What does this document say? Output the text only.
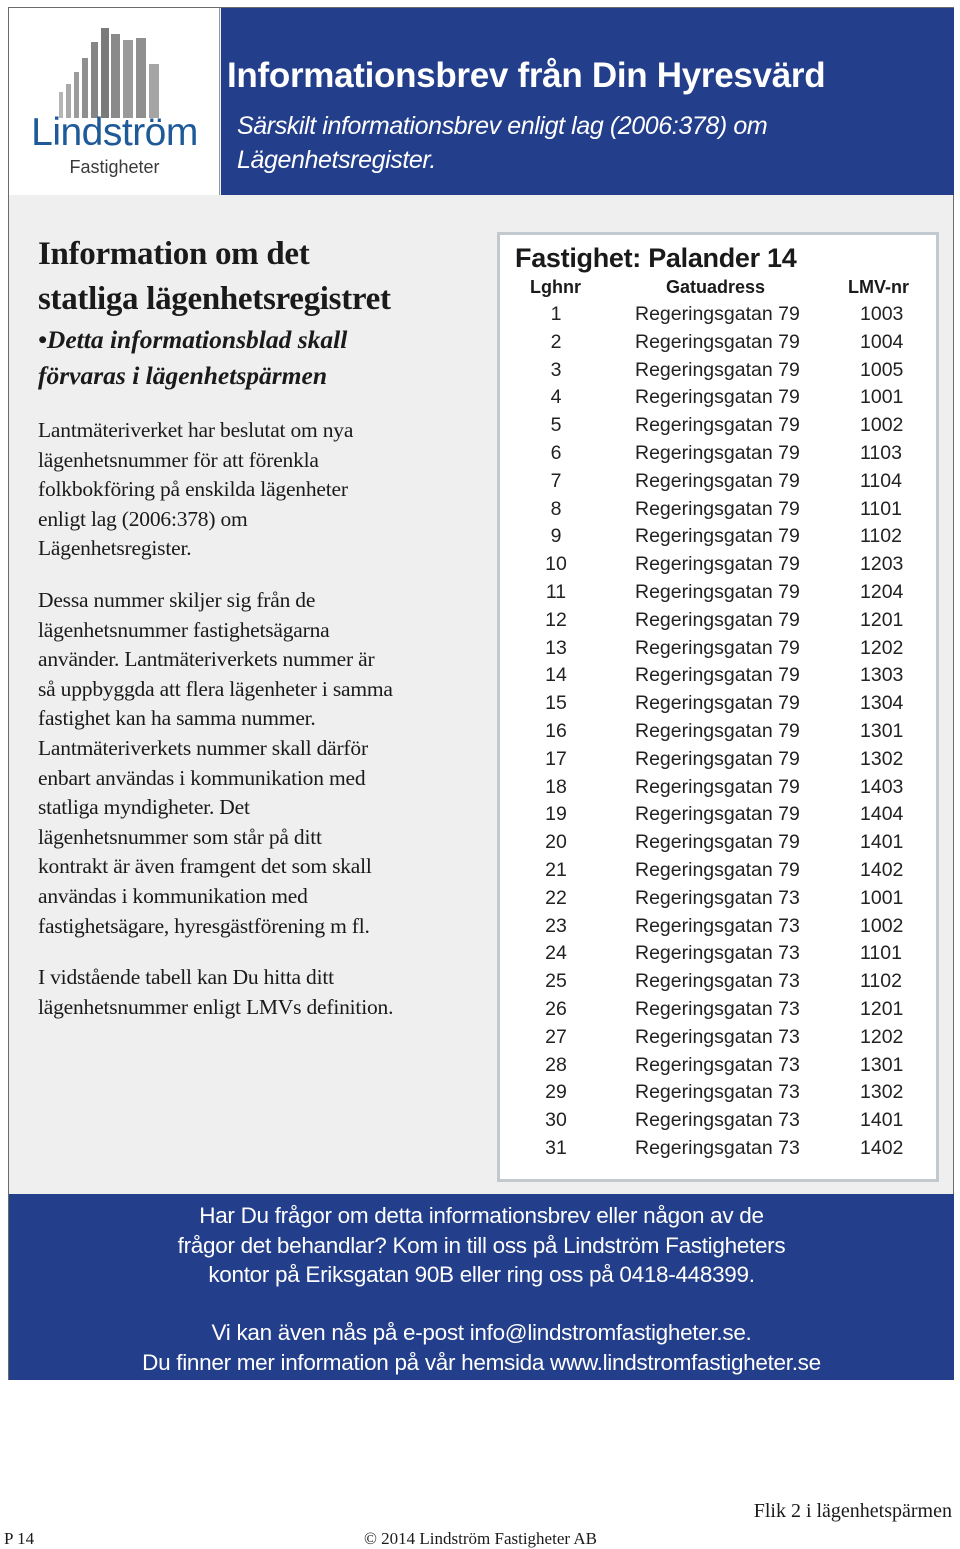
Lindström
Fastigheter
Informationsbrev från Din Hyresvärd
Särskilt informationsbrev enligt lag (2006:378) om
Lägenhetsregister.
Information om det
statliga lägenhetsregistret
•Detta informationsblad skall
förvaras i lägenhetspärmen
Lantmäteriverket har beslutat om nya
lägenhetsnummer för att förenkla
folkbokföring på enskilda lägenheter
enligt lag (2006:378) om
Lägenhetsregister.
Dessa nummer skiljer sig från de
lägenhetsnummer fastighetsägarna
använder. Lantmäteriverkets nummer är
så uppbyggda att flera lägenheter i samma
fastighet kan ha samma nummer.
Lantmäteriverkets nummer skall därför
enbart användas i kommunikation med
statliga myndigheter. Det
lägenhetsnummer som står på ditt
kontrakt är även framgent det som skall
användas i kommunikation med
fastighetsägare, hyresgästförening m fl.
I vidstående tabell kan Du hitta ditt
lägenhetsnummer enligt LMVs definition.
Fastighet: Palander 14
Lghnr	Gatuadress	LMV-nr
1	Regeringsgatan 79	1003
2	Regeringsgatan 79	1004
3	Regeringsgatan 79	1005
4	Regeringsgatan 79	1001
5	Regeringsgatan 79	1002
6	Regeringsgatan 79	1103
7	Regeringsgatan 79	1104
8	Regeringsgatan 79	1101
9	Regeringsgatan 79	1102
10	Regeringsgatan 79	1203
11	Regeringsgatan 79	1204
12	Regeringsgatan 79	1201
13	Regeringsgatan 79	1202
14	Regeringsgatan 79	1303
15	Regeringsgatan 79	1304
16	Regeringsgatan 79	1301
17	Regeringsgatan 79	1302
18	Regeringsgatan 79	1403
19	Regeringsgatan 79	1404
20	Regeringsgatan 79	1401
21	Regeringsgatan 79	1402
22	Regeringsgatan 73	1001
23	Regeringsgatan 73	1002
24	Regeringsgatan 73	1101
25	Regeringsgatan 73	1102
26	Regeringsgatan 73	1201
27	Regeringsgatan 73	1202
28	Regeringsgatan 73	1301
29	Regeringsgatan 73	1302
30	Regeringsgatan 73	1401
31	Regeringsgatan 73	1402
Har Du frågor om detta informationsbrev eller någon av de
frågor det behandlar? Kom in till oss på Lindström Fastigheters
kontor på Eriksgatan 90B eller ring oss på 0418-448399.
Vi kan även nås på e-post info@lindstromfastigheter.se.
Du finner mer information på vår hemsida www.lindstromfastigheter.se
P 14	© 2014 Lindström Fastigheter AB
Flik 2 i lägenhetspärmen
